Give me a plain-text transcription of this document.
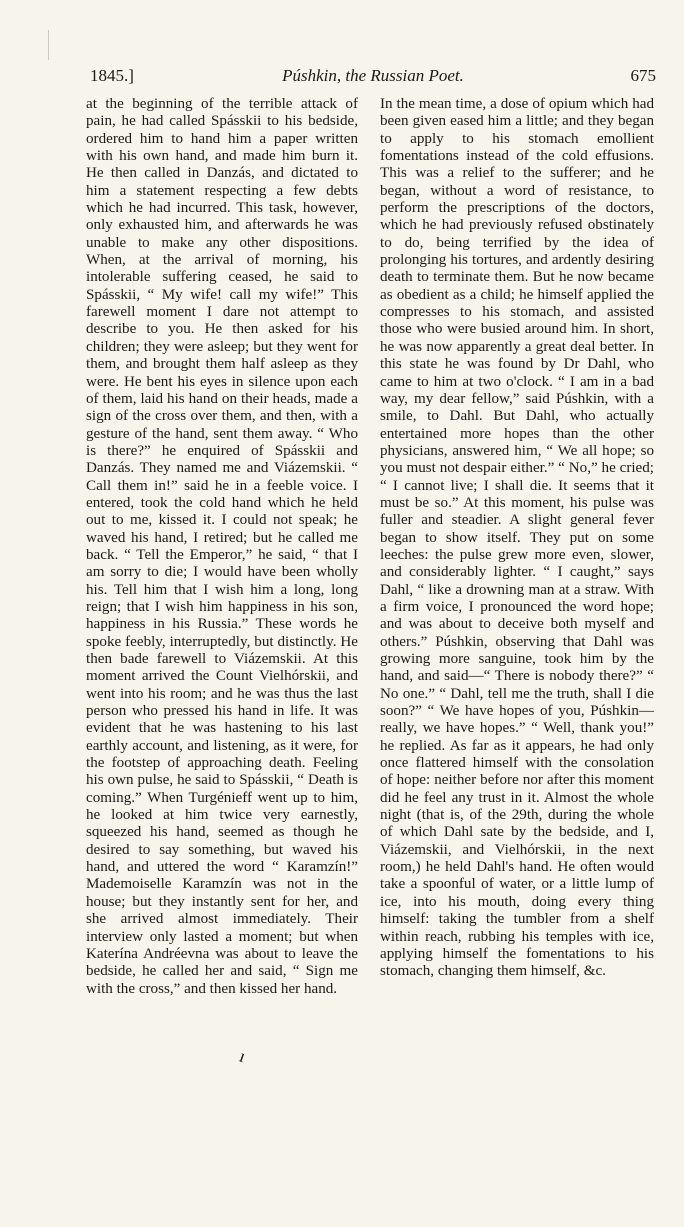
1845.]	Púshkin, the Russian Poet.	675

at the beginning of the terrible attack of pain, he had called Spásskii to his bedside, ordered him to hand him a paper written with his own hand, and made him burn it. He then called in Danzás, and dictated to him a statement respecting a few debts which he had incurred. This task, however, only exhausted him, and afterwards he was unable to make any other dispositions. When, at the arrival of morning, his intolerable suffering ceased, he said to Spásskii, “ My wife! call my wife!” This farewell moment I dare not attempt to describe to you. He then asked for his children; they were asleep; but they went for them, and brought them half asleep as they were. He bent his eyes in silence upon each of them, laid his hand on their heads, made a sign of the cross over them, and then, with a gesture of the hand, sent them away. “ Who is there?” he enquired of Spásskii and Danzás. They named me and Viázemskii. “ Call them in!” said he in a feeble voice. I entered, took the cold hand which he held out to me, kissed it. I could not speak; he waved his hand, I retired; but he called me back. “ Tell the Emperor,” he said, “ that I am sorry to die; I would have been wholly his. Tell him that I wish him a long, long reign; that I wish him happiness in his son, happiness in his Russia.” These words he spoke feebly, interruptedly, but distinctly. He then bade farewell to Viázemskii. At this moment arrived the Count Vielhórskii, and went into his room; and he was thus the last person who pressed his hand in life. It was evident that he was hastening to his last earthly account, and listening, as it were, for the footstep of approaching death. Feeling his own pulse, he said to Spásskii, “ Death is coming.” When Turgénieff went up to him, he looked at him twice very earnestly, squeezed his hand, seemed as though he desired to say something, but waved his hand, and uttered the word “ Karamzín!” Mademoiselle Karamzín was not in the house; but they instantly sent for her, and she arrived almost immediately. Their interview only lasted a moment; but when Katerína Andréevna was about to leave the bedside, he called her and said, “ Sign me with the cross,” and then kissed her hand.

In the mean time, a dose of opium which had been given eased him a little; and they began to apply to his stomach emollient fomentations instead of the cold effusions. This was a relief to the sufferer; and he began, without a word of resistance, to perform the prescriptions of the doctors, which he had previously refused obstinately to do, being terrified by the idea of prolonging his tortures, and ardently desiring death to terminate them. But he now became as obedient as a child; he himself applied the compresses to his stomach, and assisted those who were busied around him. In short, he was now apparently a great deal better. In this state he was found by Dr Dahl, who came to him at two o'clock. “ I am in a bad way, my dear fellow,” said Púshkin, with a smile, to Dahl. But Dahl, who actually entertained more hopes than the other physicians, answered him, “ We all hope; so you must not despair either.” “ No,” he cried; “ I cannot live; I shall die. It seems that it must be so.” At this moment, his pulse was fuller and steadier. A slight general fever began to show itself. They put on some leeches: the pulse grew more even, slower, and considerably lighter. “ I caught,” says Dahl, “ like a drowning man at a straw. With a firm voice, I pronounced the word hope; and was about to deceive both myself and others.” Púshkin, observing that Dahl was growing more sanguine, took him by the hand, and said—“ There is nobody there?” “ No one.” “ Dahl, tell me the truth, shall I die soon?” “ We have hopes of you, Púshkin—really, we have hopes.” “ Well, thank you!” he replied. As far as it appears, he had only once flattered himself with the consolation of hope: neither before nor after this moment did he feel any trust in it. Almost the whole night (that is, of the 29th, during the whole of which Dahl sate by the bedside, and I, Viázemskii, and Vielhórskii, in the next room,) he held Dahl's hand. He often would take a spoonful of water, or a little lump of ice, into his mouth, doing every thing himself: taking the tumbler from a shelf within reach, rubbing his temples with ice, applying himself the fomentations to his stomach, changing them himself, &c.

ı
